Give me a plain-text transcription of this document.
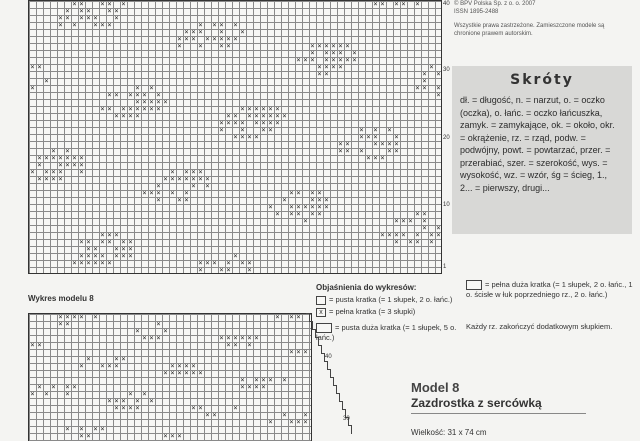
× × × × ×	× × × × ×
× × × × ×
× × × × × ×
× × × × ×	× × × ×
× × × × ×
× × × × × × × ×
× × × ×	× × × × × ×
× × × × ×
× × × × × × × ×
× ×	× × × ×	×
× ×	× ×
×	×
×	× ×	× × ×
× × × × × ×	×
× × × × ×
× × × × × × × ×	× × × × × ×
× × × ×	× × × × × × × ×
× × × × × × × ×
× × × ×	× × ×
× × × ×	× × × ×
× ×	× × × ×
× ×	× × ×	× ×
× × × × × × ×	× × ×
× × × × ×
× × × × ×	× × × ×
× × × ×	× × × × × × ×
×	× ×
× × × × ×	× × × ×
× × ×	×	× × ×
× × × × × × ×
× × × × ×	× ×
×	× × × ×
× ×
× × ×	× × × × × × ×
× × × × × ×	× × × ×
× × × × ×
× × × × × × ×	×
× × × × × ×	× × × × × ×
× × × ×
40
30
20
10
1
© BPV Polska Sp. z o. o. 2007
ISSN 1895-2488
Wszystkie prawa zastrzeżone. Zamieszczone modele są chronione prawem autorskim.
Skróty
dł. = długość, n. = narzut, o. = oczko (oczka), o. łańc. = oczko łańcuszka, zamyk. = zamykające, ok. = około, okr. = okrążenie, rz. = rząd, podw. = podwójny, powt. = powtarzać, przer. = przerabiać, szer. = szerokość, wys. = wysokość, wz. = wzór, śg = ścieg, 1., 2... = pierwszy, drugi...
Wykres modelu 8
Objaśnienia do wykresów:
= pusta kratka (= 1 słupek, 2 o. łańc.)
x = pełna kratka (= 3 słupki)
= pusta duża kratka (= 1 słupek, 5 o. łańc.)
= pełna duża kratka (= 1 słupek, 2 o. łańc., 1 o. ścisłe w łuk poprzedniego rz., 2 o. łańc.)
Każdy rz. zakończyć dodatkowym słupkiem.
× × × × ×	× × ×
× ×	×
×	×
× × ×	× × × × × ×
× ×	× × ×
× × ×
×	× ×
× × × ×	× × × ×
× × × × × ×
× × × × ×
× × × ×	× × × ×
× × ×	× ×
× × × × ×
× × × ×	× ×	×
× ×	× ×
× × × ×
× × × ×
× ×	× × ×
40
30
Model 8
Zazdrostka z sercówką
Wielkość: 31 x 74 cm
